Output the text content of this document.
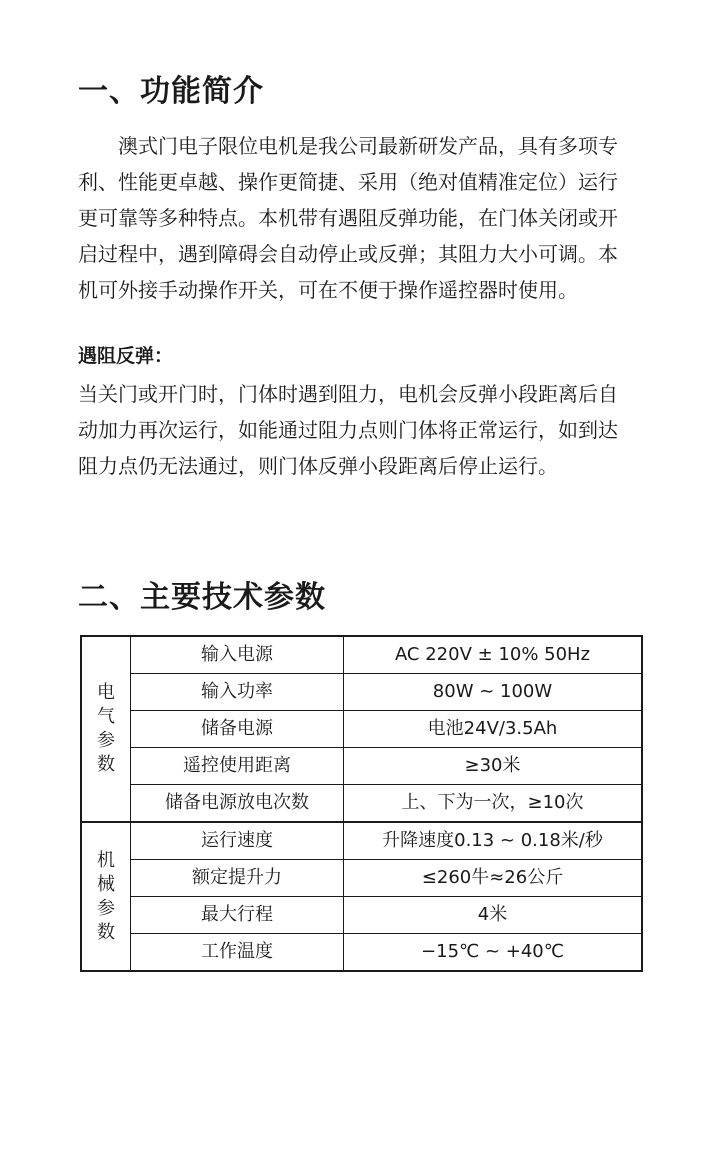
一、功能简介

澳式门电子限位电机是我公司最新研发产品，具有多项专
利、性能更卓越、操作更简捷、采用（绝对值精准定位）运行
更可靠等多种特点。本机带有遇阻反弹功能，在门体关闭或开
启过程中，遇到障碍会自动停止或反弹；其阻力大小可调。本
机可外接手动操作开关，可在不便于操作遥控器时使用。

遇阻反弹：

当关门或开门时，门体时遇到阻力，电机会反弹小段距离后自
动加力再次运行，如能通过阻力点则门体将正常运行，如到达
阻力点仍无法通过，则门体反弹小段距离后停止运行。

二、主要技术参数
电
气
参
数	输入电源	AC 220V ± 10% 50Hz
	输入功率	80W ~ 100W
	储备电源	电池24V/3.5Ah
	遥控使用距离	≥30米
	储备电源放电次数	上、下为一次，≥10次

机
械
参
数	运行速度	升降速度0.13 ~ 0.18米/秒
	额定提升力	≤260牛≈26公斤
	最大行程	4米
	工作温度	−15℃ ~ +40℃
